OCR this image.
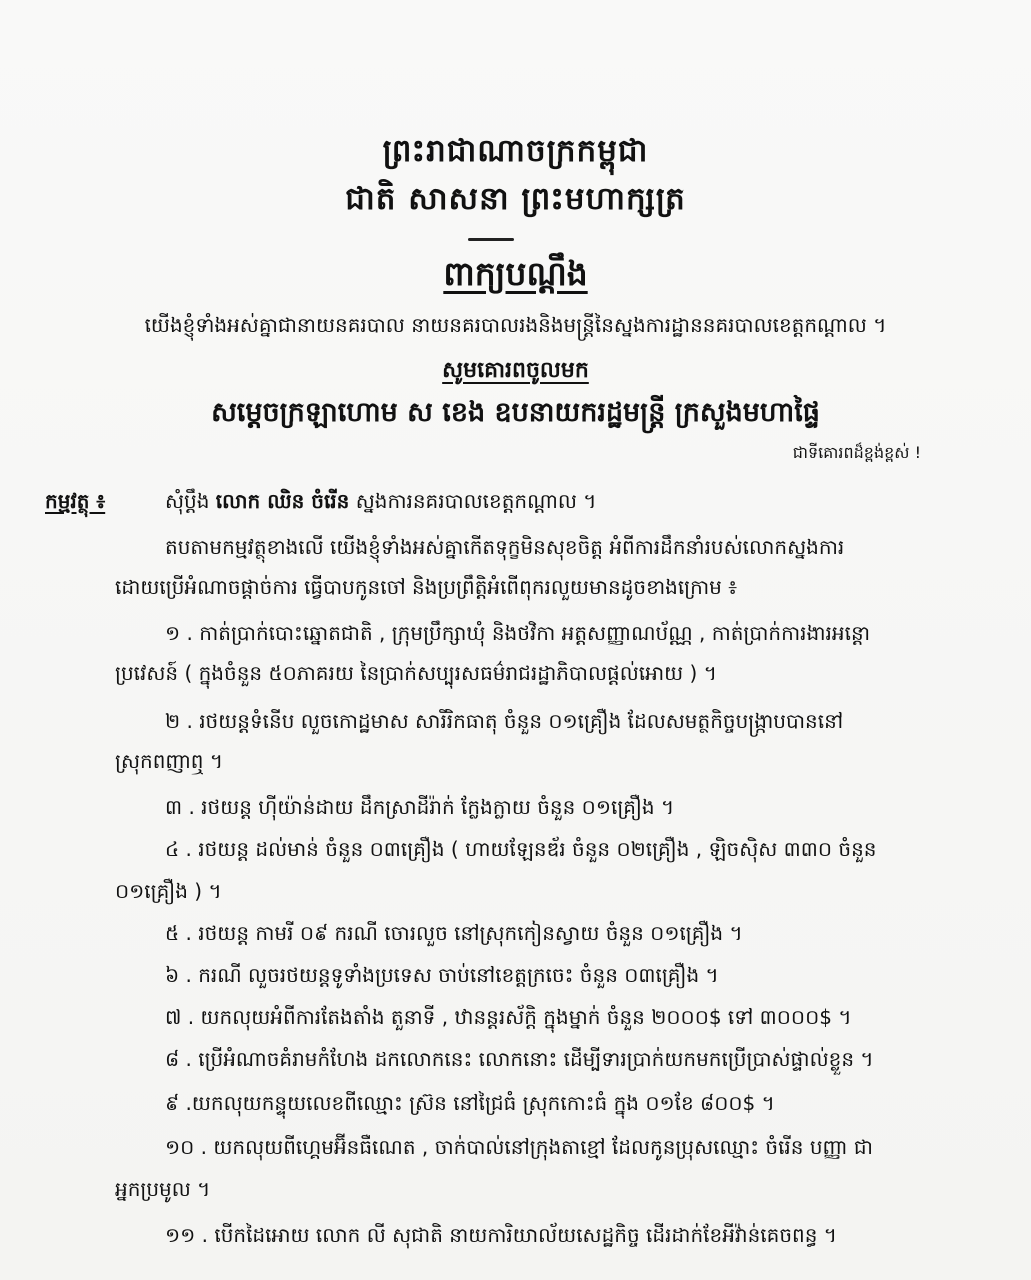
ព្រះរាជាណាចក្រកម្ពុជា
ជាតិ សាសនា ព្រះមហាក្សត្រ
ពាក្យបណ្ដឹង
យើងខ្ញុំទាំងអស់គ្នាជានាយនគរបាល នាយនគរបាលរងនិងមន្ត្រីនៃស្នងការដ្ឋាននគរបាលខេត្តកណ្ដាល ។
សូមគោរពចូលមក
សម្ដេចក្រឡាហោម ស ខេង ឧបនាយករដ្ឋមន្ត្រី ក្រសួងមហាផ្ទៃ
ជាទីគោរពដ៏ខ្ពង់ខ្ពស់ !
កម្មវត្ថុ ៖	សុំប្ដឹង លោក ឈិន ចំរើន ស្នងការនគរបាលខេត្តកណ្ដាល ។
តបតាមកម្មវត្ថុខាងលើ យើងខ្ញុំទាំងអស់គ្នាកើតទុក្ខមិនសុខចិត្ត អំពីការដឹកនាំរបស់លោកស្នងការ
ដោយប្រើអំណាចផ្ដាច់ការ ធ្វើបាបកូនចៅ និងប្រព្រឹត្តិអំពើពុករលួយមានដូចខាងក្រោម ៖
១ . កាត់ប្រាក់បោះឆ្នោតជាតិ , ក្រុមប្រឹក្សាឃុំ និងថវិកា អត្តសញ្ញាណប័ណ្ណ , កាត់ប្រាក់ការងារអន្តោ
ប្រវេសន៍ ( ក្នុងចំនួន ៥០ភាគរយ នៃប្រាក់សប្បុរសធម៌រាជរដ្ឋាភិបាលផ្ដល់អោយ ) ។
២ . រថយន្តទំនើប លួចកោដ្ឋមាស សារីរិកធាតុ ចំនួន ០១គ្រឿង ដែលសមត្ថកិច្ចបង្ក្រាបបាននៅ
ស្រុកពញាឮ ។
៣ . រថយន្ត ហ៊ីយ៉ាន់ដាយ ដឹកស្រាដីរ៉ាក់ ក្លែងក្លាយ ចំនួន ០១គ្រឿង ។
៤ . រថយន្ត ដល់មាន់ ចំនួន ០៣គ្រឿង ( ហាយឡែនឌ័រ ចំនួន ០២គ្រឿង , ឡិចស៊ិស ៣៣០ ចំនួន
០១គ្រឿង ) ។
៥ . រថយន្ត កាមរី ០៩ ករណី ចោរលួច នៅស្រុកកៀនស្វាយ ចំនួន ០១គ្រឿង ។
៦ . ករណី លួចរថយន្តទូទាំងប្រទេស ចាប់នៅខេត្តក្រចេះ ចំនួន ០៣គ្រឿង ។
៧ . យកលុយអំពីការតែងតាំង តួនាទី , ឋានន្តរស័ក្ដិ ក្នុងម្នាក់ ចំនួន ២០០០$ ទៅ ៣០០០$ ។
៨ . ប្រើអំណាចគំរាមកំហែង ដកលោកនេះ លោកនោះ ដើម្បីទារប្រាក់យកមកប្រើប្រាស់ផ្ទាល់ខ្លួន ។
៩ .យកលុយកន្ទុយលេខពីឈ្មោះ ស្រ៊ន នៅជ្រៃធំ ស្រុកកោះធំ ក្នុង ០១ខែ ៨០០$ ។
១០ . យកលុយពីហ្គេមអ៊ីនធឺណេត , ចាក់បាល់នៅក្រុងតាខ្មៅ ដែលកូនប្រុសឈ្មោះ ចំរើន បញ្ញា ជា
អ្នកប្រមូល ។
១១ . បើកដៃអោយ លោក លី សុជាតិ នាយការិយាល័យសេដ្ឋកិច្ច ដើរដាក់ខែអីវ៉ាន់គេចពន្ធ ។
